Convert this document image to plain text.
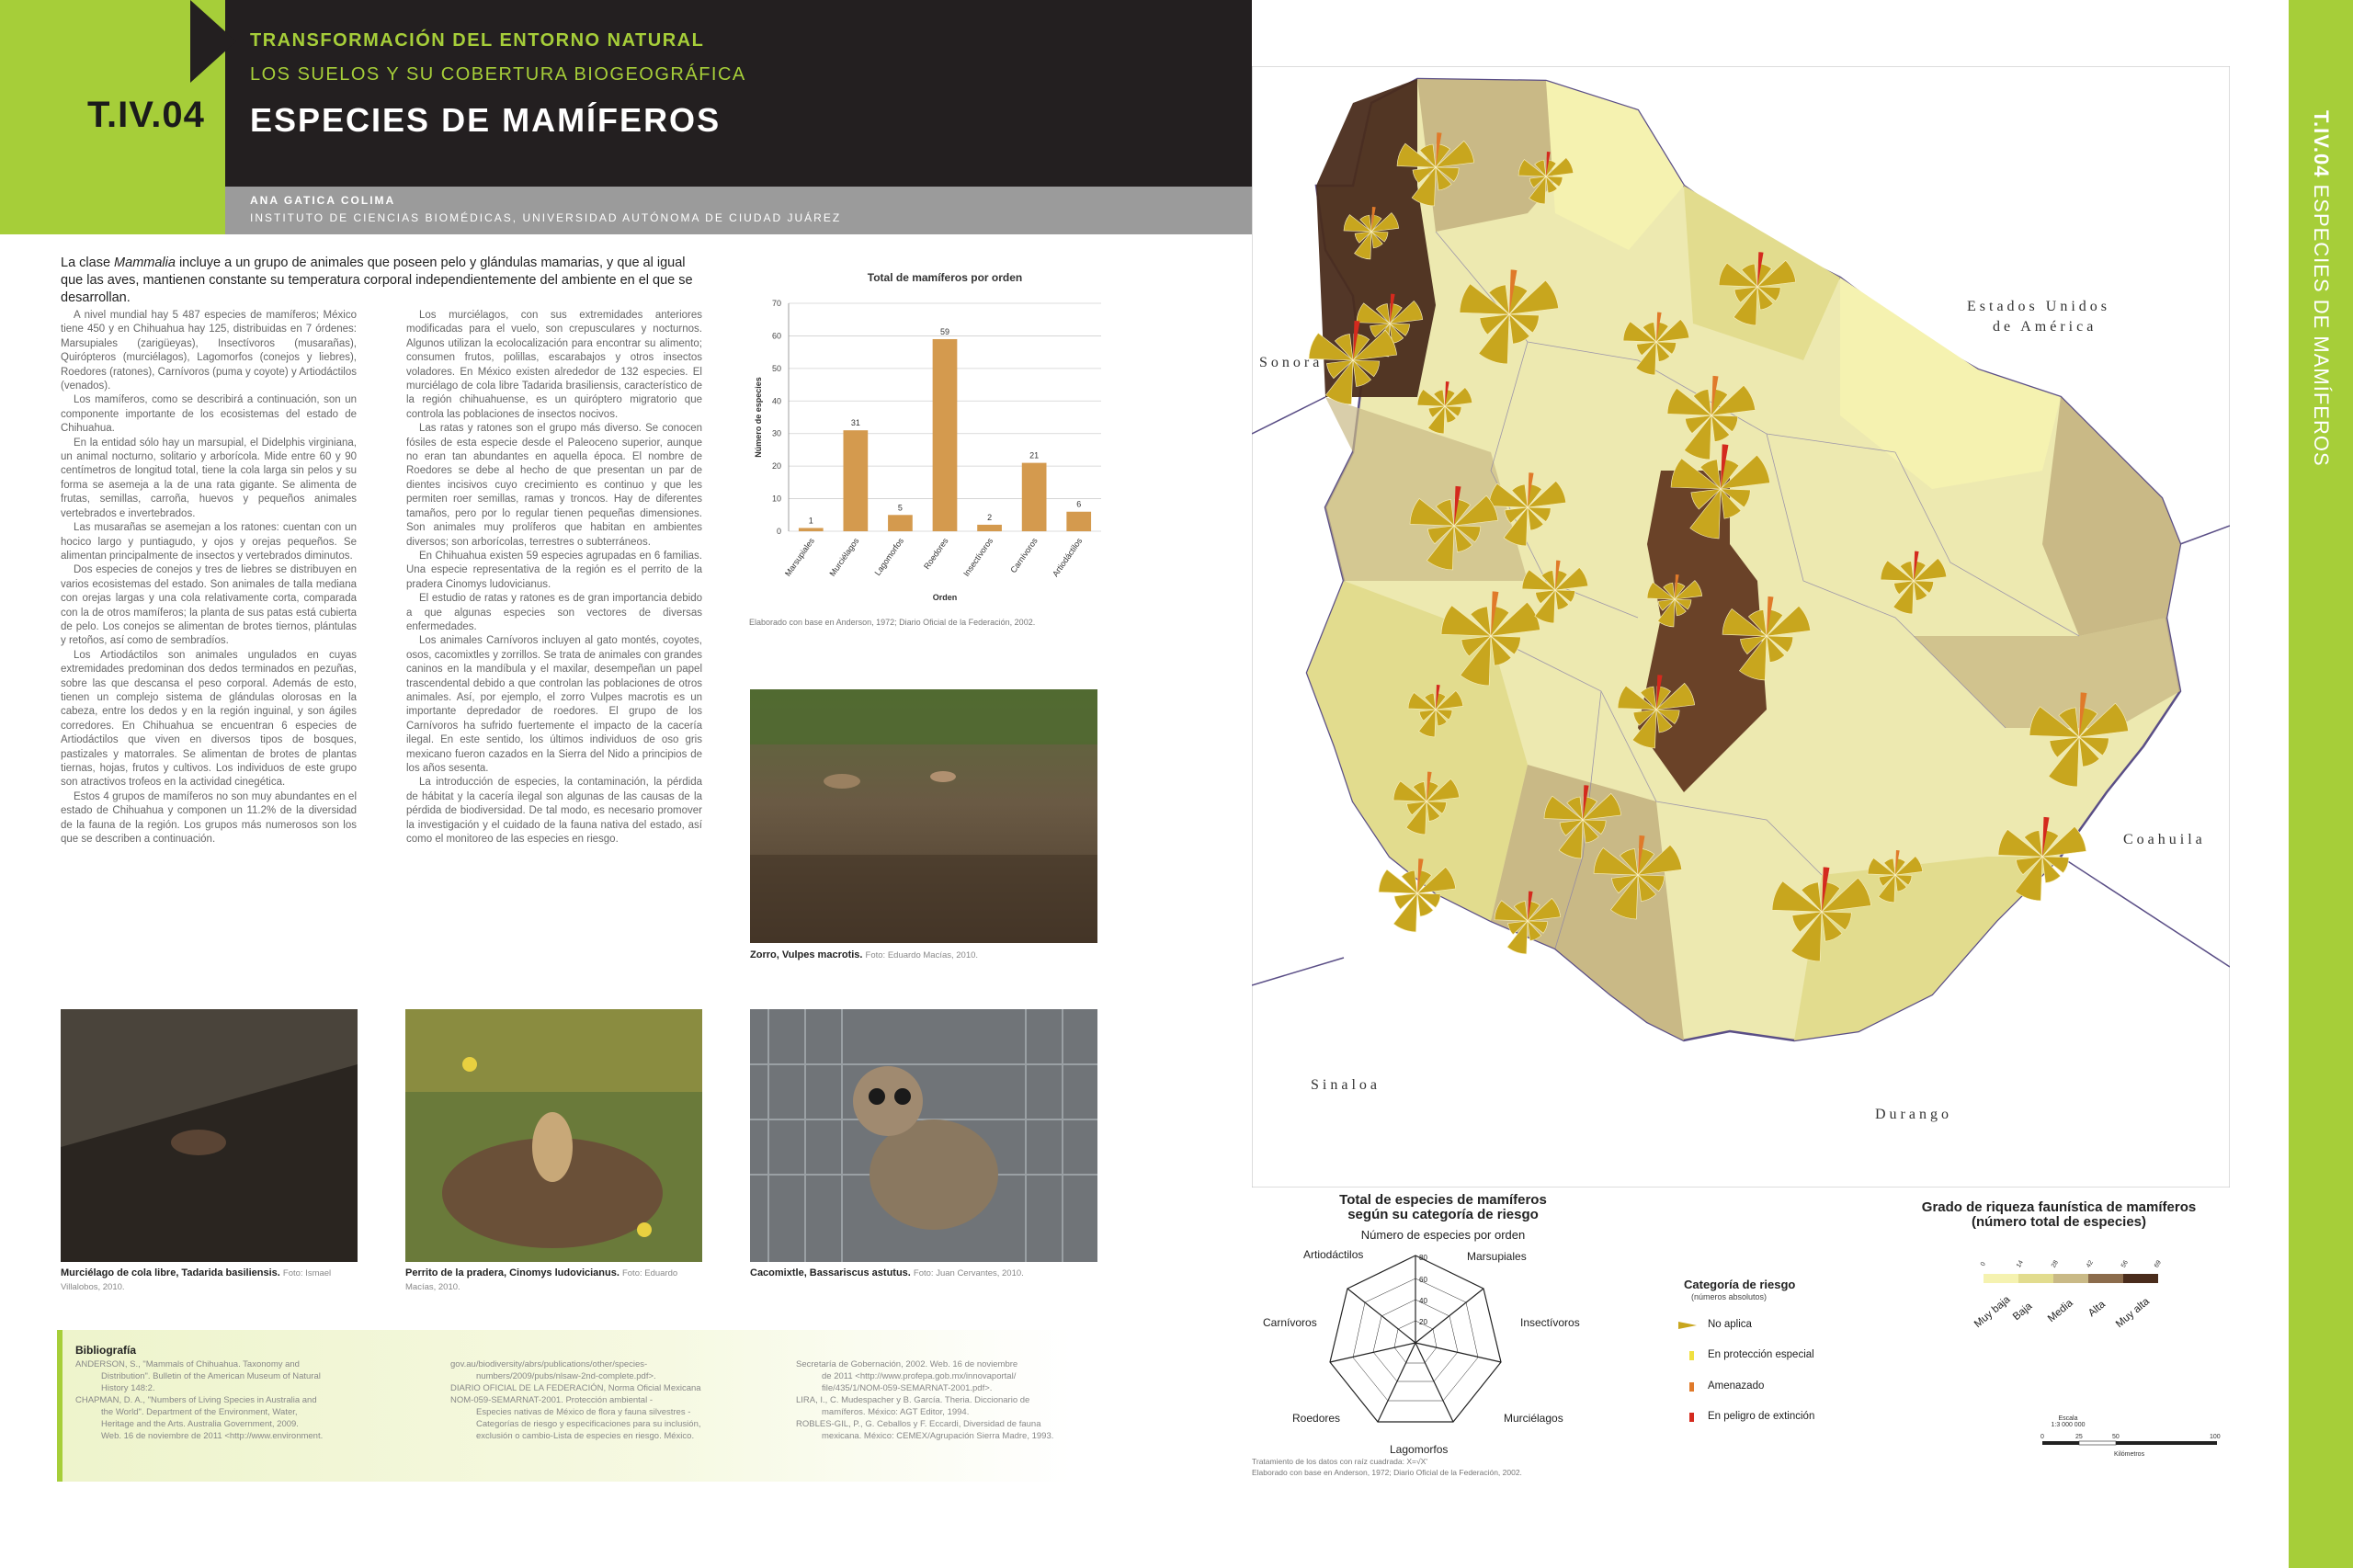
T.IV.04
TRANSFORMACIÓN DEL ENTORNO NATURAL
LOS SUELOS Y SU COBERTURA BIOGEOGRÁFICA
ESPECIES DE MAMÍFEROS
ANA GATICA COLIMA
INSTITUTO DE CIENCIAS BIOMÉDICAS, UNIVERSIDAD AUTÓNOMA DE CIUDAD JUÁREZ
T.IV.04 ESPECIES DE MAMÍFEROS
La clase Mammalia incluye a un grupo de animales que poseen pelo y glándulas mamarias, y que al igual que las aves, mantienen constante su temperatura corporal independientemente del ambiente en el que se desarrollan.

A nivel mundial hay 5 487 especies de mamíferos; México tiene 450 y en Chihuahua hay 125, distribuidas en 7 órdenes: Marsupiales (zarigüeyas), Insectívoros (musarañas), Quirópteros (murciélagos), Lagomorfos (conejos y liebres), Roedores (ratones), Carnívoros (puma y coyote) y Artiodáctilos (venados).

Los mamíferos, como se describirá a continuación, son un componente importante de los ecosistemas del estado de Chihuahua.

En la entidad sólo hay un marsupial, el Didelphis virginiana, un animal nocturno, solitario y arborícola. Mide entre 60 y 90 centímetros de longitud total, tiene la cola larga sin pelos y su forma se asemeja a la de una rata gigante. Se alimenta de frutas, semillas, carroña, huevos y pequeños animales vertebrados e invertebrados.

Las musarañas se asemejan a los ratones: cuentan con un hocico largo y puntiagudo, y ojos y orejas pequeños. Se alimentan principalmente de insectos y vertebrados diminutos.

Dos especies de conejos y tres de liebres se distribuyen en varios ecosistemas del estado. Son animales de talla mediana con orejas largas y una cola relativamente corta, comparada con la de otros mamíferos; la planta de sus patas está cubierta de pelo. Los conejos se alimentan de brotes tiernos, plántulas y retoños, así como de sembradíos.

Los Artiodáctilos son animales ungulados en cuyas extremidades predominan dos dedos terminados en pezuñas, sobre las que descansa el peso corporal. Además de esto, tienen un complejo sistema de glándulas olorosas en la cabeza, entre los dedos y en la región inguinal, y son ágiles corredores. En Chihuahua se encuentran 6 especies de Artiodáctilos que viven en diversos tipos de bosques, pastizales y matorrales. Se alimentan de brotes de plantas tiernas, hojas, frutos y cultivos. Los individuos de este grupo son atractivos trofeos en la actividad cinegética.

Estos 4 grupos de mamíferos no son muy abundantes en el estado de Chihuahua y componen un 11.2% de la diversidad de la fauna de la región. Los grupos más numerosos son los que se describen a continuación.

Los murciélagos, con sus extremidades anteriores modificadas para el vuelo, son crepusculares y nocturnos. Algunos utilizan la ecolocalización para encontrar su alimento; consumen frutos, polillas, escarabajos y otros insectos voladores. En México existen alrededor de 132 especies. El murciélago de cola libre Tadarida brasiliensis, característico de la región chihuahuense, es un quiróptero migratorio que controla las poblaciones de insectos nocivos.

Las ratas y ratones son el grupo más diverso. Se conocen fósiles de esta especie desde el Paleoceno superior, aunque no eran tan abundantes en aquella época. El nombre de Roedores se debe al hecho de que presentan un par de dientes incisivos cuyo crecimiento es continuo y que les permiten roer semillas, ramas y troncos. Hay de diferentes tamaños, pero por lo regular tienen pequeñas dimensiones. Son animales muy prolíferos que habitan en ambientes diversos; son arborícolas, terrestres o subterráneos.

En Chihuahua existen 59 especies agrupadas en 6 familias. Una especie representativa de la región es el perrito de la pradera Cinomys ludovicianus.

El estudio de ratas y ratones es de gran importancia debido a que algunas especies son vectores de diversas enfermedades.

Los animales Carnívoros incluyen al gato montés, coyotes, osos, cacomixtles y zorrillos. Se trata de animales con grandes caninos en la mandíbula y el maxilar, desempeñan un papel trascendental debido a que controlan las poblaciones de otros animales. Así, por ejemplo, el zorro Vulpes macrotis es un importante depredador de roedores. El grupo de los Carnívoros ha sufrido fuertemente el impacto de la cacería ilegal. En este sentido, los últimos individuos de oso gris mexicano fueron cazados en la Sierra del Nido a principios de los años sesenta.

La introducción de especies, la contaminación, la pérdida de hábitat y la cacería ilegal son algunas de las causas de la pérdida de biodiversidad. De tal modo, es necesario promover la investigación y el cuidado de la fauna nativa del estado, así como el monitoreo de las especies en riesgo.

Total de mamíferos por orden
0
10
20
30
40
50
60
70
Número de especies
1
Marsupiales
31
Murciélagos
5
Lagomorfos
59
Roedores
2
Insectívoros
21
Carnívoros
6
Artiodáctilos
Orden
Elaborado con base en Anderson, 1972; Diario Oficial de la Federación, 2002.
Zorro, Vulpes macrotis. Foto: Eduardo Macías, 2010.
Murciélago de cola libre, Tadarida basiliensis. Foto: Ismael Villalobos, 2010.
Perrito de la pradera, Cinomys ludovicianus. Foto: Eduardo Macías, 2010.
Cacomixtle, Bassariscus astutus. Foto: Juan Cervantes, 2010.
Bibliografía
ANDERSON, S., "Mammals of Chihuahua. Taxonomy and
Distribution". Bulletin of the American Museum of Natural
History 148:2.
CHAPMAN, D. A., "Numbers of Living Species in Australia and
the World". Department of the Environment, Water,
Heritage and the Arts. Australia Government, 2009.
Web. 16 de noviembre de 2011 <http://www.environment.
gov.au/biodiversity/abrs/publications/other/species-
numbers/2009/pubs/nlsaw-2nd-complete.pdf>.
DIARIO OFICIAL DE LA FEDERACIÓN, Norma Oficial Mexicana
NOM-059-SEMARNAT-2001. Protección ambiental -
Especies nativas de México de flora y fauna silvestres -
Categorías de riesgo y especificaciones para su inclusión,
exclusión o cambio-Lista de especies en riesgo. México.
Secretaría de Gobernación, 2002. Web. 16 de noviembre
de 2011 <http://www.profepa.gob.mx/innovaportal/
file/435/1/NOM-059-SEMARNAT-2001.pdf>.
LIRA, I., C. Mudespacher y B. García. Theria. Diccionario de
mamíferos. México: AGT Editor, 1994.
ROBLES-GIL, P., G. Ceballos y F. Eccardi, Diversidad de fauna
mexicana. México: CEMEX/Agrupación Sierra Madre, 1993.
Estados Unidos
de América
Sonora
Coahuila
Sinaloa
Durango
Total de especies de mamíferos
según su categoría de riesgo
Número de especies por orden
80
60
40
20
Artiodáctilos	Marsupiales
Carnívoros	Insectívoros
Roedores	Murciélagos
Lagomorfos
Categoría de riesgo
(números absolutos)
No aplica
En protección especial
Amenazado
En peligro de extinción
Grado de riqueza faunística de mamíferos
(número total de especies)
0	14	28	42	56	69
Muy baja
Baja Media Alta Muy alta
Escala
1:3 000 000
0	25	50	100
Kilómetros
Tratamiento de los datos con raíz cuadrada: X=√X'
Elaborado con base en Anderson, 1972; Diario Oficial de la Federación, 2002.
